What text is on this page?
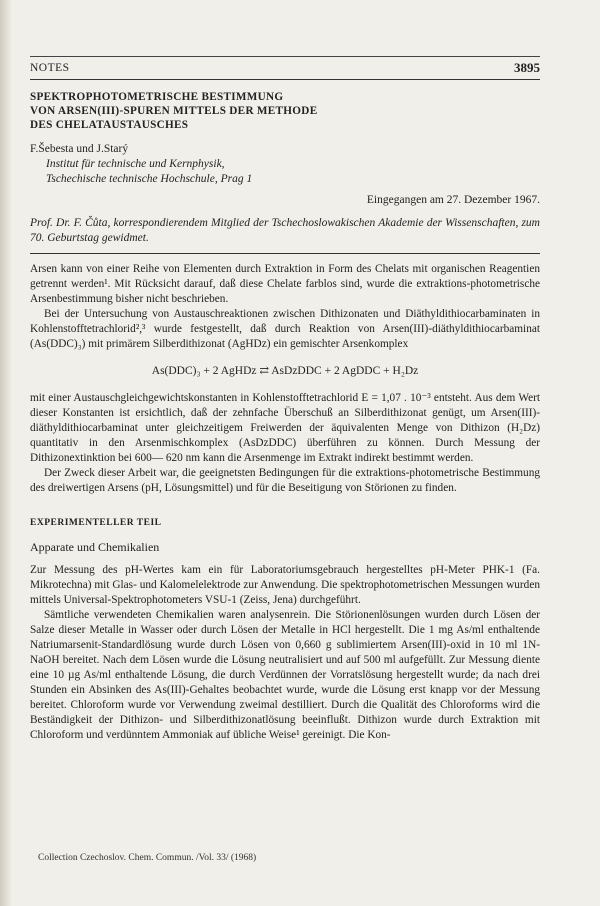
NOTES	3895
SPEKTROPHOTOMETRISCHE BESTIMMUNG
VON ARSEN(III)-SPUREN MITTELS DER METHODE
DES CHELATAUSTAUSCHES
F.Šebesta und J.Starý
Institut für technische und Kernphysik,
Tschechische technische Hochschule, Prag 1
Eingegangen am 27. Dezember 1967.
Prof. Dr. F. Čůta, korrespondierendem Mitglied der Tschechoslowakischen Akademie der Wissenschaften, zum 70. Geburtstag gewidmet.

Arsen kann von einer Reihe von Elementen durch Extraktion in Form des Chelats mit organischen Reagentien getrennt werden¹. Mit Rücksicht darauf, daß diese Chelate farblos sind, wurde die extraktions-photometrische Arsenbestimmung bisher nicht beschrieben.

Bei der Untersuchung von Austauschreaktionen zwischen Dithizonaten und Diäthyldithiocarbaminaten in Kohlenstofftetrachlorid²,³ wurde festgestellt, daß durch Reaktion von Arsen(III)-diäthyldithiocarbaminat (As(DDC)₃) mit primärem Silberdithizonat (AgHDz) ein gemischter Arsenkomplex

As(DDC)₃ + 2 AgHDz ⇄ AsDzDDC + 2 AgDDC + H₂Dz

mit einer Austauschgleichgewichtskonstanten in Kohlenstofftetrachlorid E = 1,07 . 10⁻³ entsteht. Aus dem Wert dieser Konstanten ist ersichtlich, daß der zehnfache Überschuß an Silberdithizonat genügt, um Arsen(III)-diäthyldithiocarbaminat unter gleichzeitigem Freiwerden der äquivalenten Menge von Dithizon (H₂Dz) quantitativ in den Arsenmischkomplex (AsDzDDC) überführen zu können. Durch Messung der Dithizonextinktion bei 600— 620 nm kann die Arsenmenge im Extrakt indirekt bestimmt werden.

Der Zweck dieser Arbeit war, die geeignetsten Bedingungen für die extraktions-photometrische Bestimmung des dreiwertigen Arsens (pH, Lösungsmittel) und für die Beseitigung von Störionen zu finden.

EXPERIMENTELLER TEIL
Apparate und Chemikalien

Zur Messung des pH-Wertes kam ein für Laboratoriumsgebrauch hergestelltes pH-Meter PHK-1 (Fa. Mikrotechna) mit Glas- und Kalomelelektrode zur Anwendung. Die spektrophotometrischen Messungen wurden mittels Universal-Spektrophotometers VSU-1 (Zeiss, Jena) durchgeführt.

Sämtliche verwendeten Chemikalien waren analysenrein. Die Störionenlösungen wurden durch Lösen der Salze dieser Metalle in Wasser oder durch Lösen der Metalle in HCl hergestellt. Die 1 mg As/ml enthaltende Natriumarsenit-Standardlösung wurde durch Lösen von 0,660 g sublimiertem Arsen(III)-oxid in 10 ml 1N-NaOH bereitet. Nach dem Lösen wurde die Lösung neutralisiert und auf 500 ml aufgefüllt. Zur Messung diente eine 10 µg As/ml enthaltende Lösung, die durch Verdünnen der Vorratslösung hergestellt wurde; da nach drei Stunden ein Absinken des As(III)-Gehaltes beobachtet wurde, wurde die Lösung erst knapp vor der Messung bereitet. Chloroform wurde vor Verwendung zweimal destilliert. Durch die Qualität des Chloroforms wird die Beständigkeit der Dithizon- und Silberdithizonatlösung beeinflußt. Dithizon wurde durch Extraktion mit Chloroform und verdünntem Ammoniak auf übliche Weise¹ gereinigt. Die Kon-

Collection Czechoslov. Chem. Commun. /Vol. 33/ (1968)
